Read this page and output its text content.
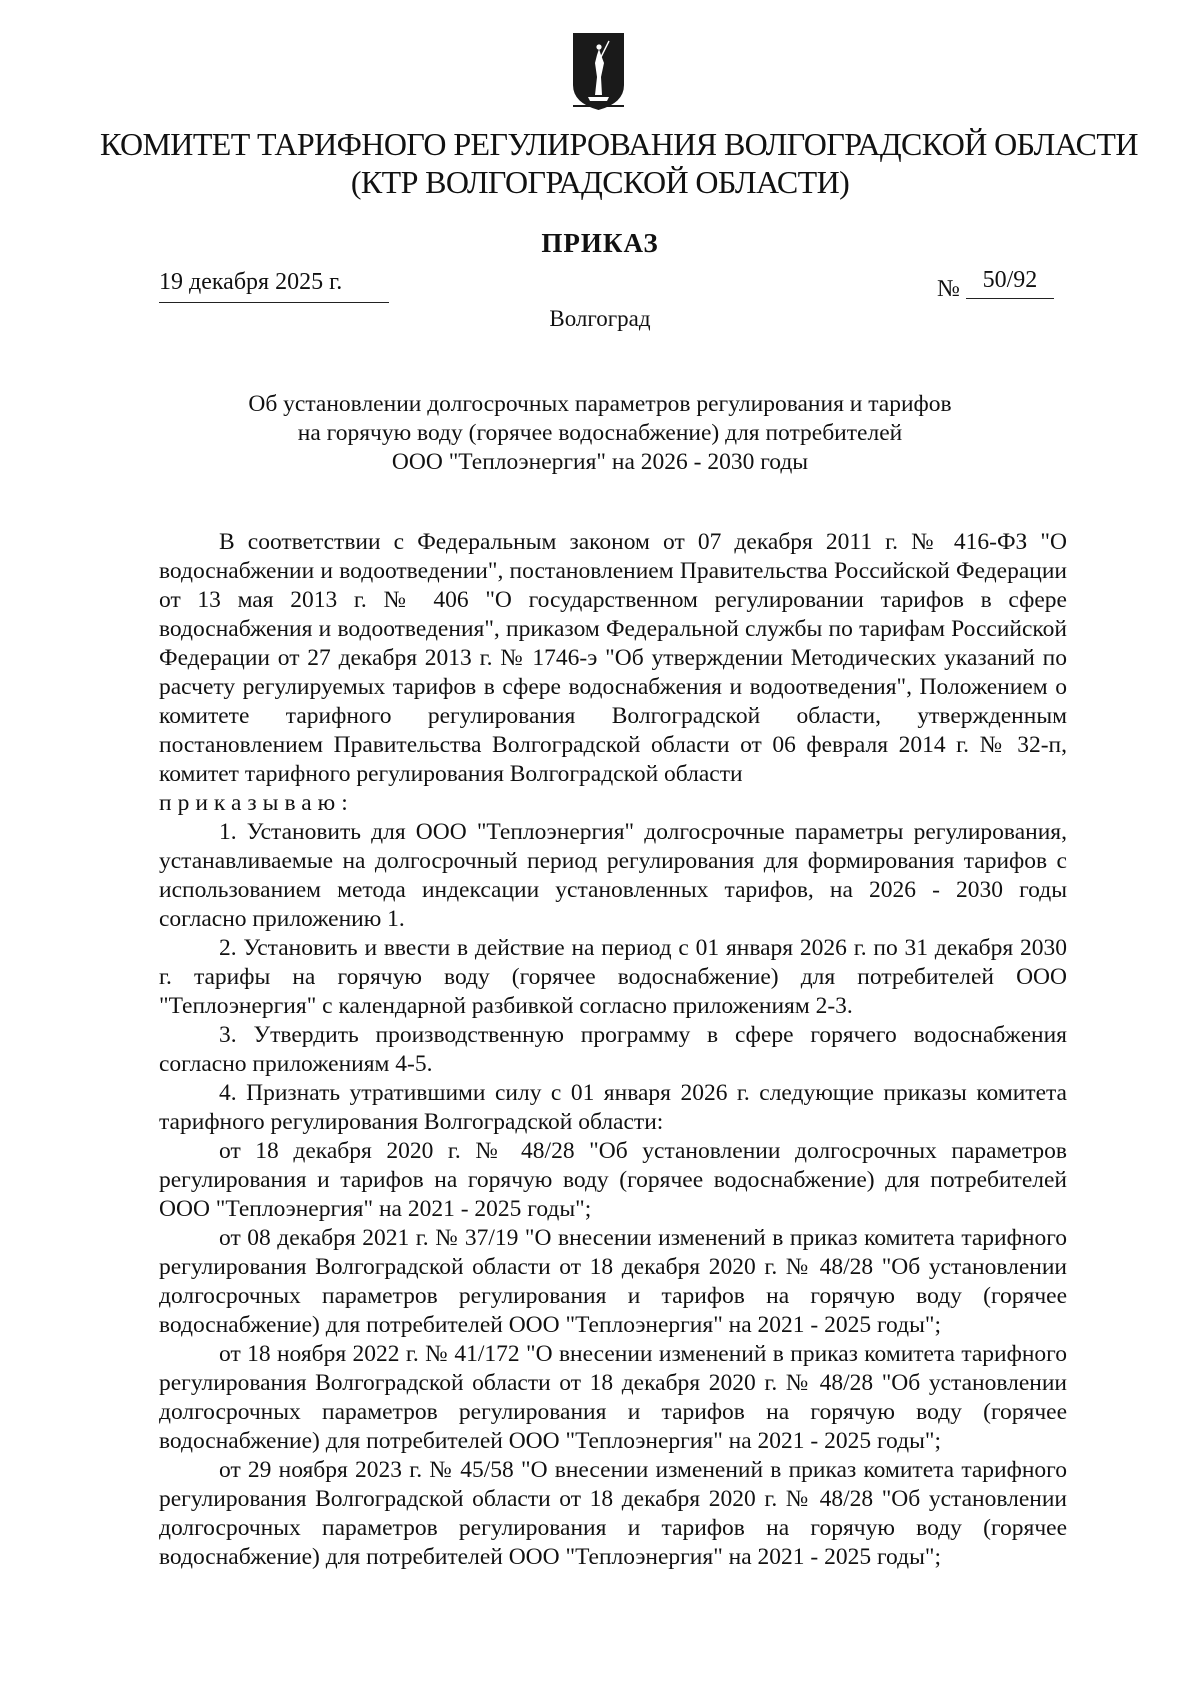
КОМИТЕТ ТАРИФНОГО РЕГУЛИРОВАНИЯ ВОЛГОГРАДСКОЙ ОБЛАСТИ
(КТР ВОЛГОГРАДСКОЙ ОБЛАСТИ)
ПРИКАЗ
19 декабря 2025 г.	№ 50/92
Волгоград
Об установлении долгосрочных параметров регулирования и тарифов
на горячую воду (горячее водоснабжение) для потребителей
ООО "Теплоэнергия" на 2026 - 2030 годы

В соответствии с Федеральным законом от 07 декабря 2011 г. № 416-ФЗ "О водоснабжении и водоотведении", постановлением Правительства Российской Федерации от 13 мая 2013 г. № 406 "О государственном регулировании тарифов в сфере водоснабжения и водоотведения", приказом Федеральной службы по тарифам Российской Федерации от 27 декабря 2013 г. № 1746-э "Об утверждении Методических указаний по расчету регулируемых тарифов в сфере водоснабжения и водоотведения", Положением о комитете тарифного регулирования Волгоградской области, утвержденным постановлением Правительства Волгоградской области от 06 февраля 2014 г. № 32-п, комитет тарифного регулирования Волгоградской области

приказываю:

1. Установить для ООО "Теплоэнергия" долгосрочные параметры регулирования, устанавливаемые на долгосрочный период регулирования для формирования тарифов с использованием метода индексации установленных тарифов, на 2026 - 2030 годы согласно приложению 1.

2. Установить и ввести в действие на период с 01 января 2026 г. по 31 декабря 2030 г. тарифы на горячую воду (горячее водоснабжение) для потребителей ООО "Теплоэнергия" с календарной разбивкой согласно приложениям 2-3.

3. Утвердить производственную программу в сфере горячего водоснабжения согласно приложениям 4-5.

4. Признать утратившими силу с 01 января 2026 г. следующие приказы комитета тарифного регулирования Волгоградской области:

от 18 декабря 2020 г. № 48/28 "Об установлении долгосрочных параметров регулирования и тарифов на горячую воду (горячее водоснабжение) для потребителей ООО "Теплоэнергия" на 2021 - 2025 годы";

от 08 декабря 2021 г. № 37/19 "О внесении изменений в приказ комитета тарифного регулирования Волгоградской области от 18 декабря 2020 г. № 48/28 "Об установлении долгосрочных параметров регулирования и тарифов на горячую воду (горячее водоснабжение) для потребителей ООО "Теплоэнергия" на 2021 - 2025 годы";

от 18 ноября 2022 г. № 41/172 "О внесении изменений в приказ комитета тарифного регулирования Волгоградской области от 18 декабря 2020 г. № 48/28 "Об установлении долгосрочных параметров регулирования и тарифов на горячую воду (горячее водоснабжение) для потребителей ООО "Теплоэнергия" на 2021 - 2025 годы";

от 29 ноября 2023 г. № 45/58 "О внесении изменений в приказ комитета тарифного регулирования Волгоградской области от 18 декабря 2020 г. № 48/28 "Об установлении долгосрочных параметров регулирования и тарифов на горячую воду (горячее водоснабжение) для потребителей ООО "Теплоэнергия" на 2021 - 2025 годы";
